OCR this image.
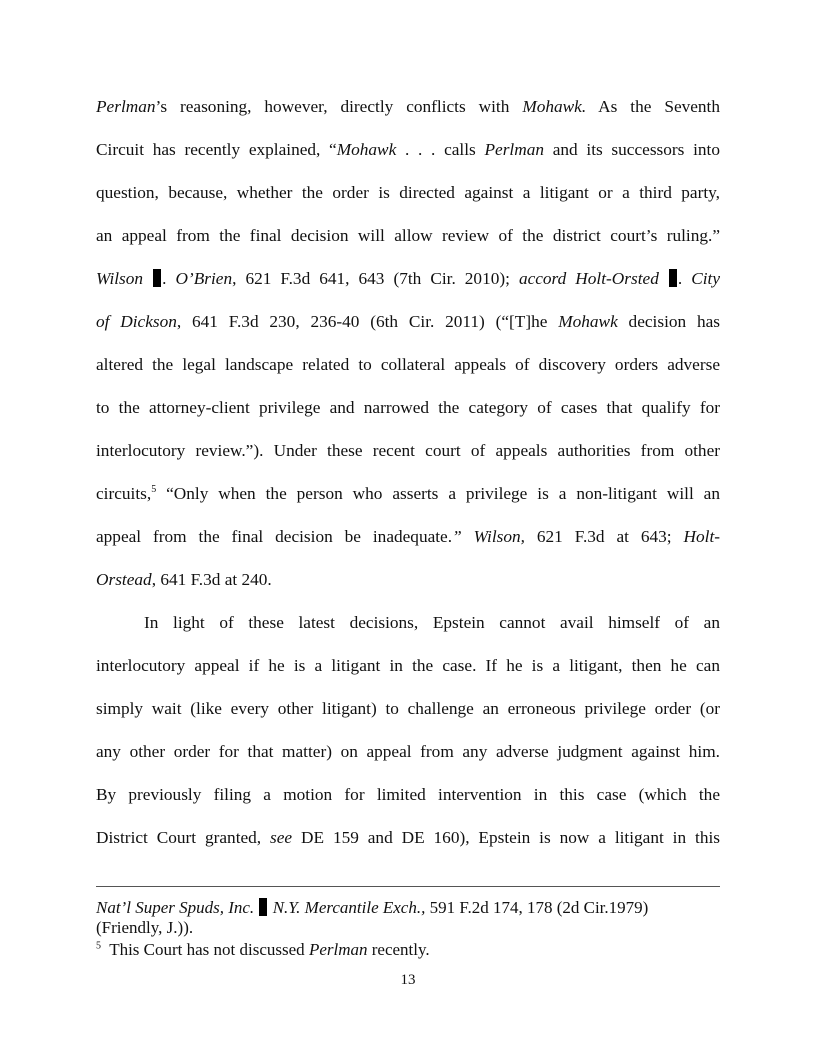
Perlman’s reasoning, however, directly conflicts with Mohawk. As the Seventh
Circuit has recently explained, “Mohawk . . . calls Perlman and its successors into
question, because, whether the order is directed against a litigant or a third party,
an appeal from the final decision will allow review of the district court’s ruling.”
Wilson . O’Brien, 621 F.3d 641, 643 (7th Cir. 2010); accord Holt-Orsted . City
of Dickson, 641 F.3d 230, 236-40 (6th Cir. 2011) (“[T]he Mohawk decision has
altered the legal landscape related to collateral appeals of discovery orders adverse
to the attorney-client privilege and narrowed the category of cases that qualify for
interlocutory review.”). Under these recent court of appeals authorities from other
circuits,$^5$ “Only when the person who asserts a privilege is a non-litigant will an
appeal from the final decision be inadequate.” Wilson, 621 F.3d at 643; Holt-
Orstead, 641 F.3d at 240.
In light of these latest decisions, Epstein cannot avail himself of an
interlocutory appeal if he is a litigant in the case. If he is a litigant, then he can
simply wait (like every other litigant) to challenge an erroneous privilege order (or
any other order for that matter) on appeal from any adverse judgment against him.
By previously filing a motion for limited intervention in this case (which the
District Court granted, see DE 159 and DE 160), Epstein is now a litigant in this
Nat’l Super Spuds, Inc. N.Y. Mercantile Exch., 591 F.2d 174, 178 (2d Cir.1979)
(Friendly, J.)).
$^5$  This Court has not discussed Perlman recently.
13
